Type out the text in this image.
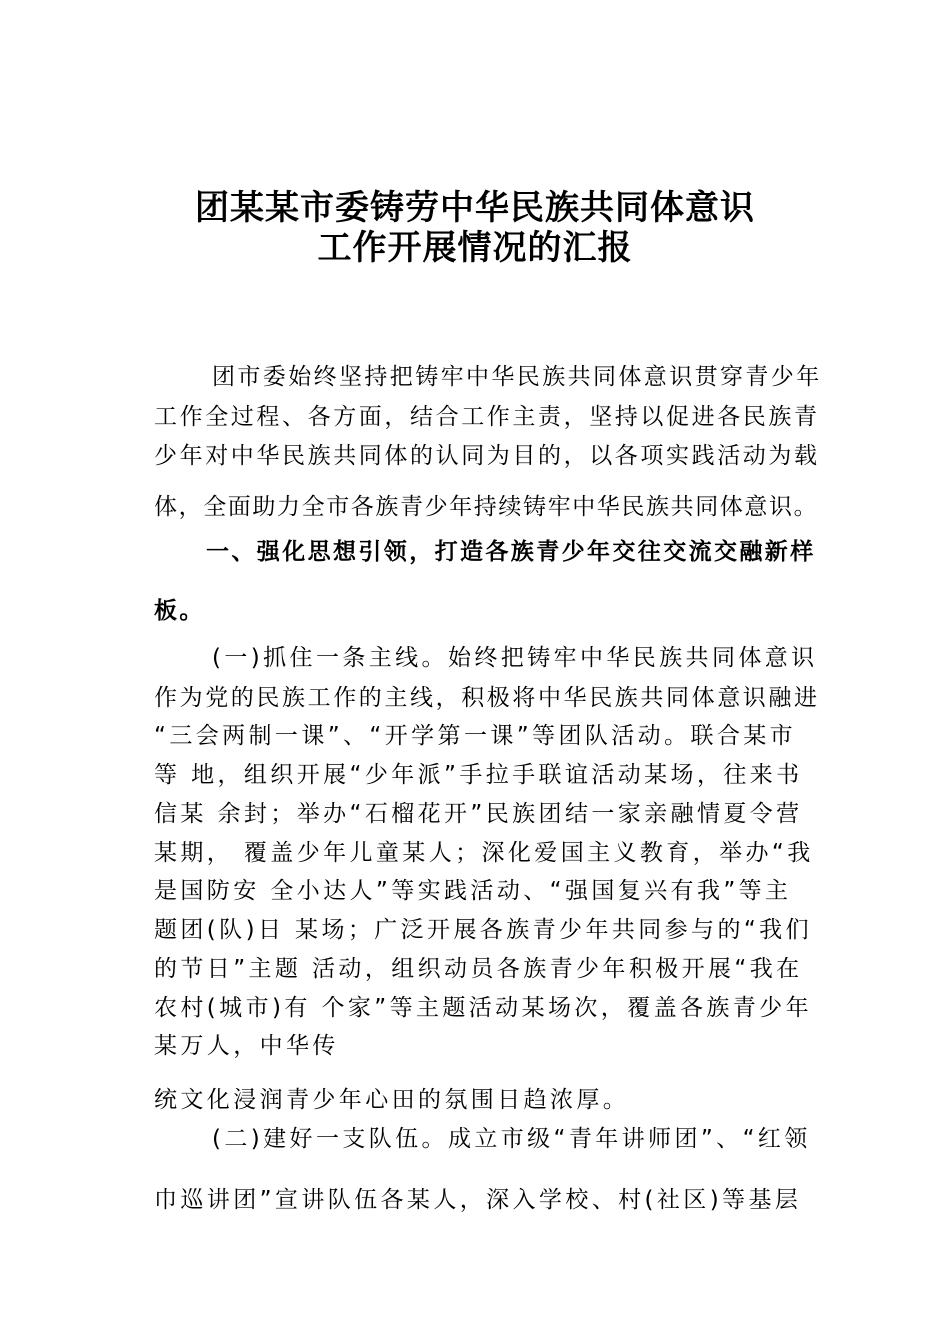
团某某市委铸劳中华民族共同体意识
工作开展情况的汇报
团市委始终坚持把铸牢中华民族共同体意识贯穿青少年
工作全过程、各方面，结合工作主责，坚持以促进各民族青
少年对中华民族共同体的认同为目的，以各项实践活动为载
体，全面助力全市各族青少年持续铸牢中华民族共同体意识。
一、强化思想引领，打造各族青少年交往交流交融新样
板。
(一)抓住一条主线。始终把铸牢中华民族共同体意识
作为党的民族工作的主线，积极将中华民族共同体意识融进
“三会两制一课”、“开学第一课”等团队活动。联合某市
等 地，组织开展“少年派”手拉手联谊活动某场，往来书
信某 余封；举办“石榴花开”民族团结一家亲融情夏令营
某期， 覆盖少年儿童某人；深化爱国主义教育，举办“我
是国防安 全小达人”等实践活动、“强国复兴有我”等主
题团(队)日 某场；广泛开展各族青少年共同参与的“我们
的节日”主题 活动，组织动员各族青少年积极开展“我在
农村(城市)有 个家”等主题活动某场次，覆盖各族青少年
某万人，中华传
统文化浸润青少年心田的氛围日趋浓厚。
(二)建好一支队伍。成立市级“青年讲师团”、“红领
巾巡讲团”宣讲队伍各某人，深入学校、村(社区)等基层
